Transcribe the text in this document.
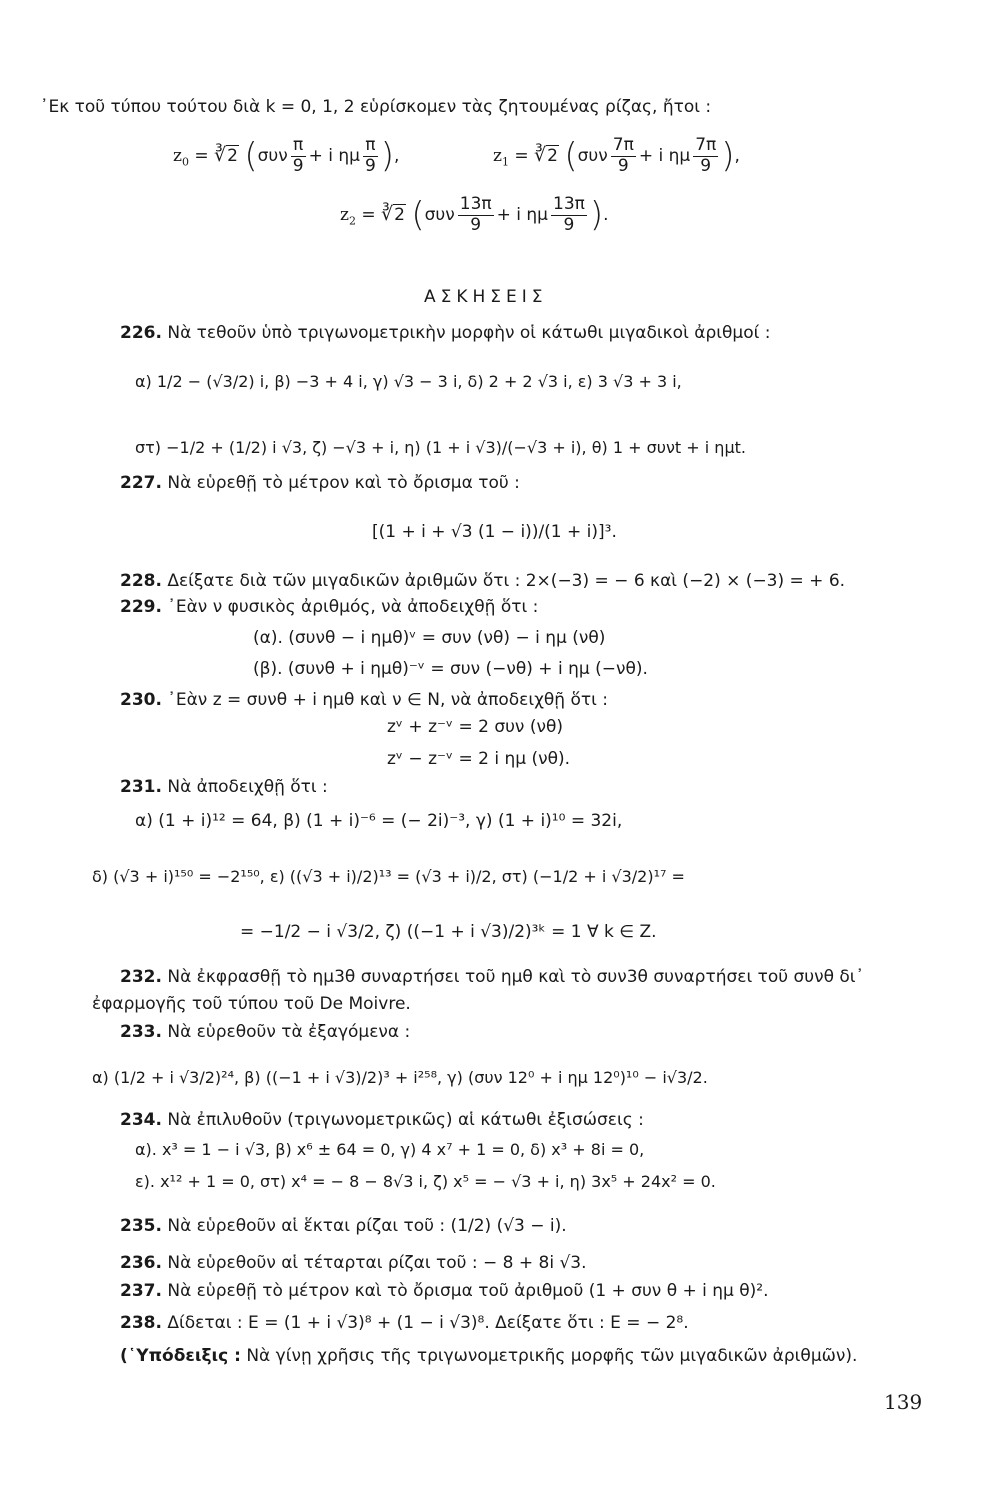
᾿Εκ τοῦ τύπου τούτου διὰ k = 0, 1, 2 εὑρίσκομεν τὰς ζητουμένας ρίζας, ἤτοι :
$z_0$ = ∛2 ($\sigma\upsilon\nu \frac{\pi}{9} + i$ ημ $\frac{\pi}{9}$ ),	$z_1$ = ∛2 ($\sigma\upsilon\nu \frac{7\pi}{9} + i$ ημ $\frac{7\pi}{9}$ ),
$z_2$ = ∛2 ($\sigma\upsilon\nu \frac{13\pi}{9} + i$ ημ $\frac{13\pi}{9}$ ).
ΑΣΚΗΣΕΙΣ
226. Νὰ τεθοῦν ὑπὸ τριγωνομετρικὴν μορφὴν οἱ κάτωθι μιγαδικοὶ ἀριθμοί :
α) 1/2 − (√3/2) i, β) −3 + 4 i, γ) √3 − 3 i, δ) 2 + 2 √3 i, ε) 3 √3 + 3 i,
στ) −1/2 + (1/2) i √3, ζ) −√3 + i, η) (1 + i √3)/(−√3 + i), θ) 1 + συνt + i ημt.
227. Νὰ εὑρεθῇ τὸ μέτρον καὶ τὸ ὄρισμα τοῦ :
[(1 + i + √3 (1 − i))/(1 + i)]³.
228. Δείξατε διὰ τῶν μιγαδικῶν ἀριθμῶν ὅτι : 2×(−3) = − 6 καὶ (−2) × (−3) = + 6.
229. ᾿Εὰν ν φυσικὸς ἀριθμός, νὰ ἀποδειχθῇ ὅτι :
(α). (συνθ − i ημθ)ᵛ = συν (νθ) − i ημ (νθ)
(β). (συνθ + i ημθ)⁻ᵛ = συν (−νθ) + i ημ (−νθ).
230. ᾿Εὰν z = συνθ + i ημθ καὶ ν ∈ N, νὰ ἀποδειχθῇ ὅτι :
zᵛ + z⁻ᵛ = 2 συν (νθ)
zᵛ − z⁻ᵛ = 2 i ημ (νθ).
231. Νὰ ἀποδειχθῇ ὅτι :
α) (1 + i)¹² = 64, β) (1 + i)⁻⁶ = (− 2i)⁻³, γ) (1 + i)¹⁰ = 32i,
δ) (√3 + i)¹⁵⁰ = −2¹⁵⁰, ε) ((√3 + i)/2)¹³ = (√3 + i)/2, στ) (−1/2 + i √3/2)¹⁷ =
= −1/2 − i √3/2, ζ) ((−1 + i √3)/2)³ᵏ = 1 ∀ k ∈ Z.
232. Νὰ ἐκφρασθῇ τὸ ημ3θ συναρτήσει τοῦ ημθ καὶ τὸ συν3θ συναρτήσει τοῦ συνθ δι᾿
ἐφαρμογῆς τοῦ τύπου τοῦ De Moivre.
233. Νὰ εὑρεθοῦν τὰ ἐξαγόμενα :
α) (1/2 + i √3/2)²⁴, β) ((−1 + i √3)/2)³ + i²⁵⁸, γ) (συν 12⁰ + i ημ 12⁰)¹⁰ − i√3/2.
234. Νὰ ἐπιλυθοῦν (τριγωνομετρικῶς) αἱ κάτωθι ἐξισώσεις :
α). x³ = 1 − i √3, β) x⁶ ± 64 = 0, γ) 4 x⁷ + 1 = 0, δ) x³ + 8i = 0,
ε). x¹² + 1 = 0, στ) x⁴ = − 8 − 8√3 i, ζ) x⁵ = − √3 + i, η) 3x⁵ + 24x² = 0.
235. Νὰ εὑρεθοῦν αἱ ἕκται ρίζαι τοῦ : (1/2) (√3 − i).
236. Νὰ εὑρεθοῦν αἱ τέταρται ρίζαι τοῦ : − 8 + 8i √3.
237. Νὰ εὑρεθῇ τὸ μέτρον καὶ τὸ ὄρισμα τοῦ ἀριθμοῦ (1 + συν θ + i ημ θ)².
238. Δίδεται : E = (1 + i √3)⁸ + (1 − i √3)⁸. Δείξατε ὅτι : E = − 2⁸.
(῾Υπόδειξις : Νὰ γίνῃ χρῆσις τῆς τριγωνομετρικῆς μορφῆς τῶν μιγαδικῶν ἀριθμῶν).
139
